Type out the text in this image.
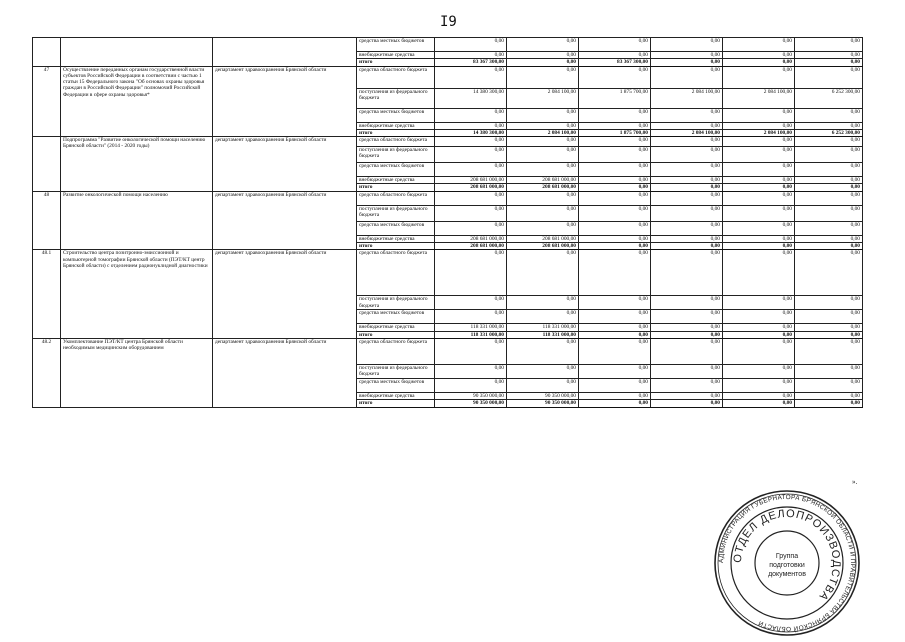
I9
			средства местных бюджетов	0,00	0,00	0,00	0,00	0,00	0,00
			внебюджетные средства	0,00	0,00	0,00	0,00	0,00	0,00
			итого	83 367 300,00	0,00	83 367 300,00	0,00	0,00	0,00
47	Осуществление переданных органам государственной власти субъектов Российской Федерации в соответствии с частью 1 статьи 15 Федерального закона "Об основах охраны здоровья граждан в Российской Федерации" полномочий Российской Федерации в сфере охраны здоровья*	департамент здравоохранения Брянской области	средства областного бюджета	0,00	0,00	0,00	0,00	0,00	0,00
			поступления из федерального бюджета	14 380 300,00	2 084 100,00	1 875 700,00	2 084 100,00	2 084 100,00	6 252 300,00
			средства местных бюджетов	0,00	0,00	0,00	0,00	0,00	0,00
			внебюджетные средства	0,00	0,00	0,00	0,00	0,00	0,00
			итого	14 380 300,00	2 084 100,00	1 875 700,00	2 084 100,00	2 084 100,00	6 252 300,00
	Подпрограмма "Развитие онкологической помощи населению Брянской области" (2014 - 2020 годы)	департамент здравоохранения Брянской области	средства областного бюджета	0,00	0,00	0,00	0,00	0,00	0,00
			поступления из федерального бюджета	0,00	0,00	0,00	0,00	0,00	0,00
			средства местных бюджетов	0,00	0,00	0,00	0,00	0,00	0,00
			внебюджетные средства	208 681 000,00	208 681 000,00	0,00	0,00	0,00	0,00
			итого	208 681 000,00	208 681 000,00	0,00	0,00	0,00	0,00
48	Развитие онкологической помощи населению	департамент здравоохранения Брянской области	средства областного бюджета	0,00	0,00	0,00	0,00	0,00	0,00
			поступления из федерального бюджета	0,00	0,00	0,00	0,00	0,00	0,00
			средства местных бюджетов	0,00	0,00	0,00	0,00	0,00	0,00
			внебюджетные средства	208 681 000,00	208 681 000,00	0,00	0,00	0,00	0,00
			итого	208 681 000,00	208 681 000,00	0,00	0,00	0,00	0,00
48.1	Строительство центра позитронно-эмиссионной и компьютерной томографии Брянской области (ПЭТ/КТ центр Брянской области) с отделением радионуклидной диагностики	департамент здравоохранения Брянской области	средства областного бюджета	0,00	0,00	0,00	0,00	0,00	0,00
			поступления из федерального бюджета	0,00	0,00	0,00	0,00	0,00	0,00
			средства местных бюджетов	0,00	0,00	0,00	0,00	0,00	0,00
			внебюджетные средства	118 331 000,00	118 331 000,00	0,00	0,00	0,00	0,00
			итого	118 331 000,00	118 331 000,00	0,00	0,00	0,00	0,00
48.2	Укомплектование ПЭТ/КТ центра Брянской области необходимым медицинским оборудованием	департамент здравоохранения Брянской области	средства областного бюджета	0,00	0,00	0,00	0,00	0,00	0,00
			поступления из федерального бюджета	0,00	0,00	0,00	0,00	0,00	0,00
			средства местных бюджетов	0,00	0,00	0,00	0,00	0,00	0,00
			внебюджетные средства	90 350 000,00	90 350 000,00	0,00	0,00	0,00	0,00
			итого	90 350 000,00	90 350 000,00	0,00	0,00	0,00	0,00
».
АДМИНИСТРАЦИЯ ГУБЕРНАТОРА БРЯНСКОЙ ОБЛАСТИ И ПРАВИТЕЛЬСТВА БРЯНСКОЙ ОБЛАСТИ
ОТДЕЛ ДЕЛОПРОИЗВОДСТВА
Группа
подготовки
документов
